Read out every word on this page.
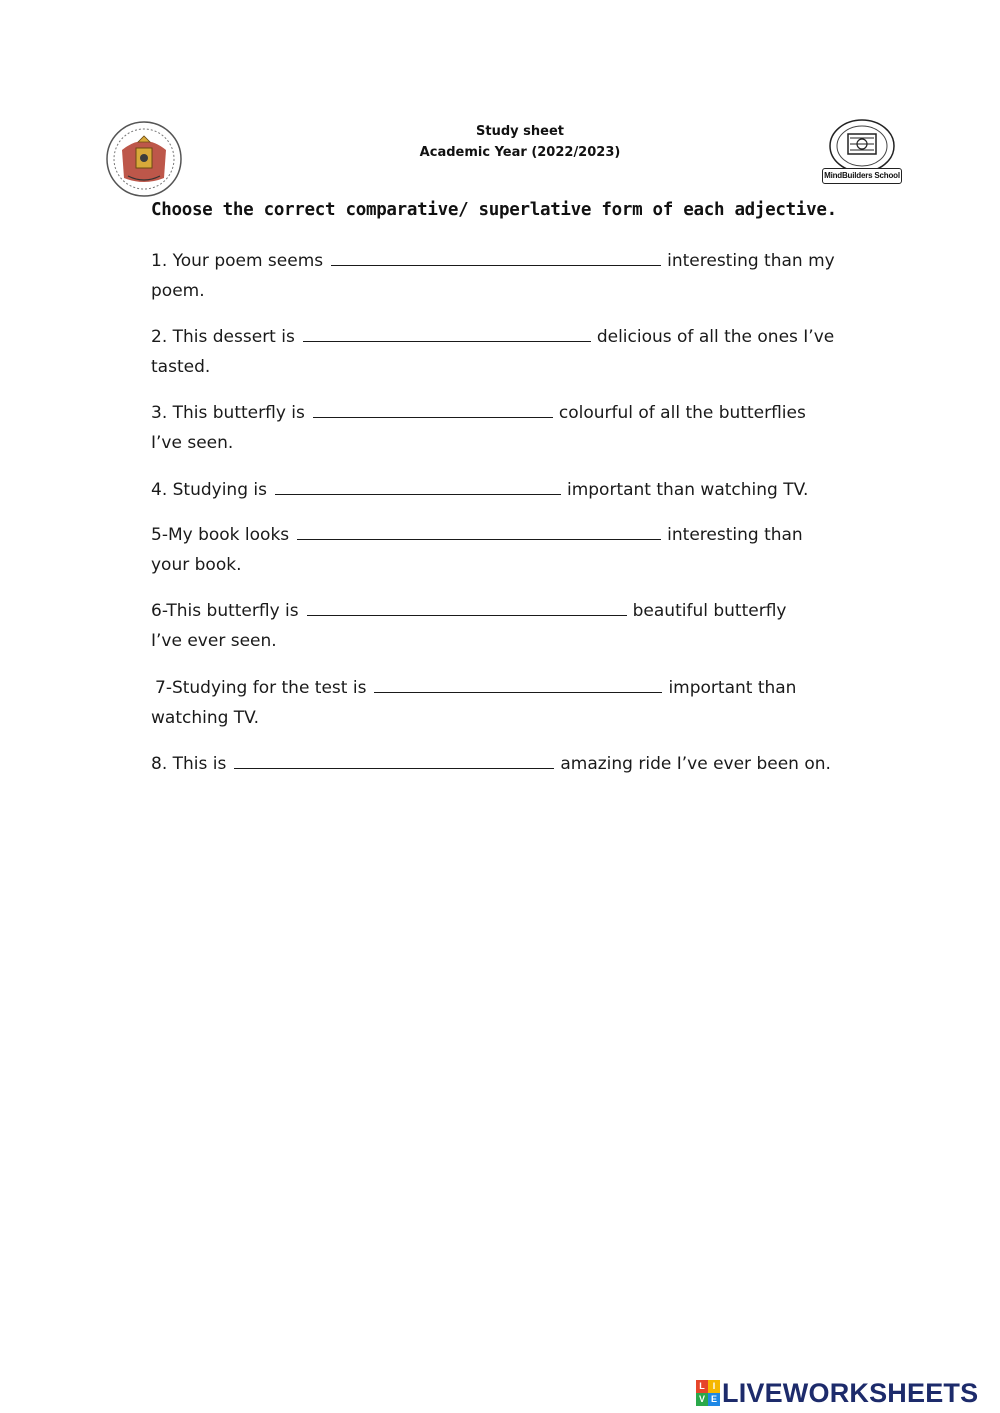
Study sheet
Academic Year (2022/2023)
MindBuilders School
Choose the correct comparative/ superlative form of each adjective.
1. Your poem seems	interesting than my
poem.
2. This dessert is	delicious of all the ones I’ve
tasted.
3. This butterfly is	colourful of all the butterflies
I’ve seen.
4. Studying is	important than watching TV.
5-My book looks	interesting than
your book.
6-This butterfly is	beautiful butterfly
I’ve ever seen.
7-Studying for the test is	important than
watching TV.
8. This is	amazing ride I’ve ever been on.
L I
V E LIVEWORKSHEETS
